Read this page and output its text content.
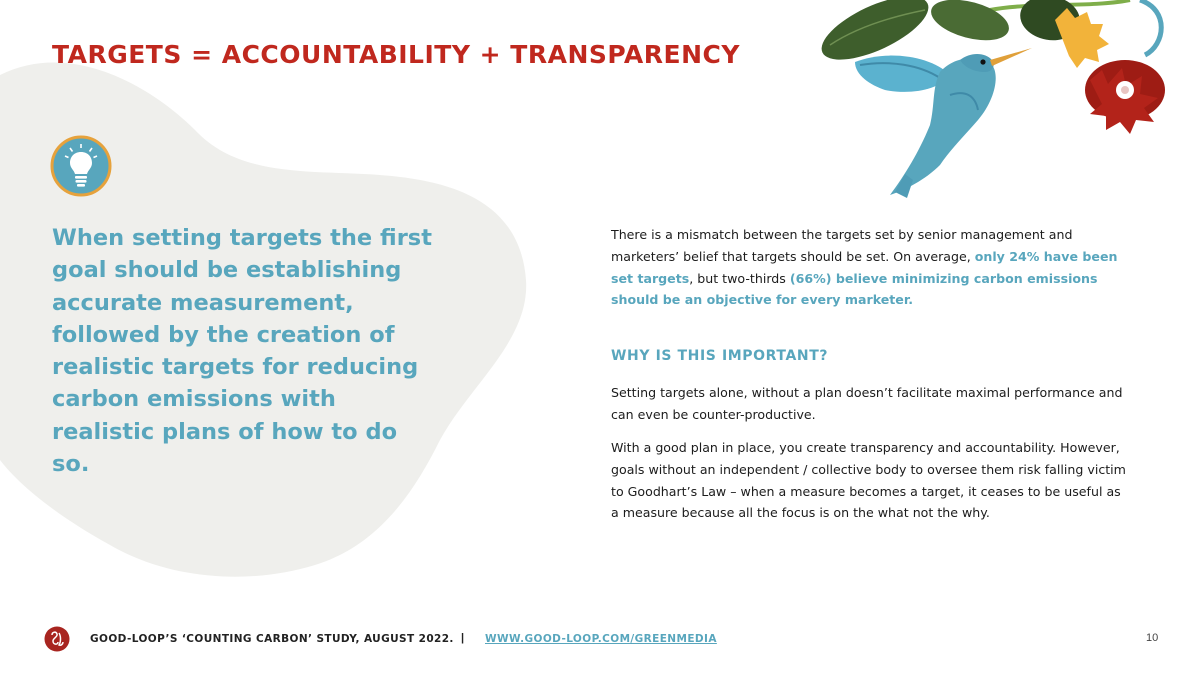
TARGETS = ACCOUNTABILITY + TRANSPARENCY

When setting targets the first goal should be establishing accurate measurement, followed by the creation of realistic targets for reducing carbon emissions with realistic plans of how to do so.

There is a mismatch between the targets set by senior management and marketers’ belief that targets should be set. On average, only 24% have been set targets, but two-thirds (66%) believe minimizing carbon emissions should be an objective for every marketer.

WHY IS THIS IMPORTANT?

Setting targets alone, without a plan doesn’t facilitate maximal performance and can even be counter-productive.

With a good plan in place, you create transparency and accountability. However, goals without an independent / collective body to oversee them risk falling victim to Goodhart’s Law – when a measure becomes a target, it ceases to be useful as a measure because all the focus is on the what not the why.

GOOD-LOOP’S ‘COUNTING CARBON’ STUDY, AUGUST 2022. | WWW.GOOD-LOOP.COM/GREENMEDIA	10
